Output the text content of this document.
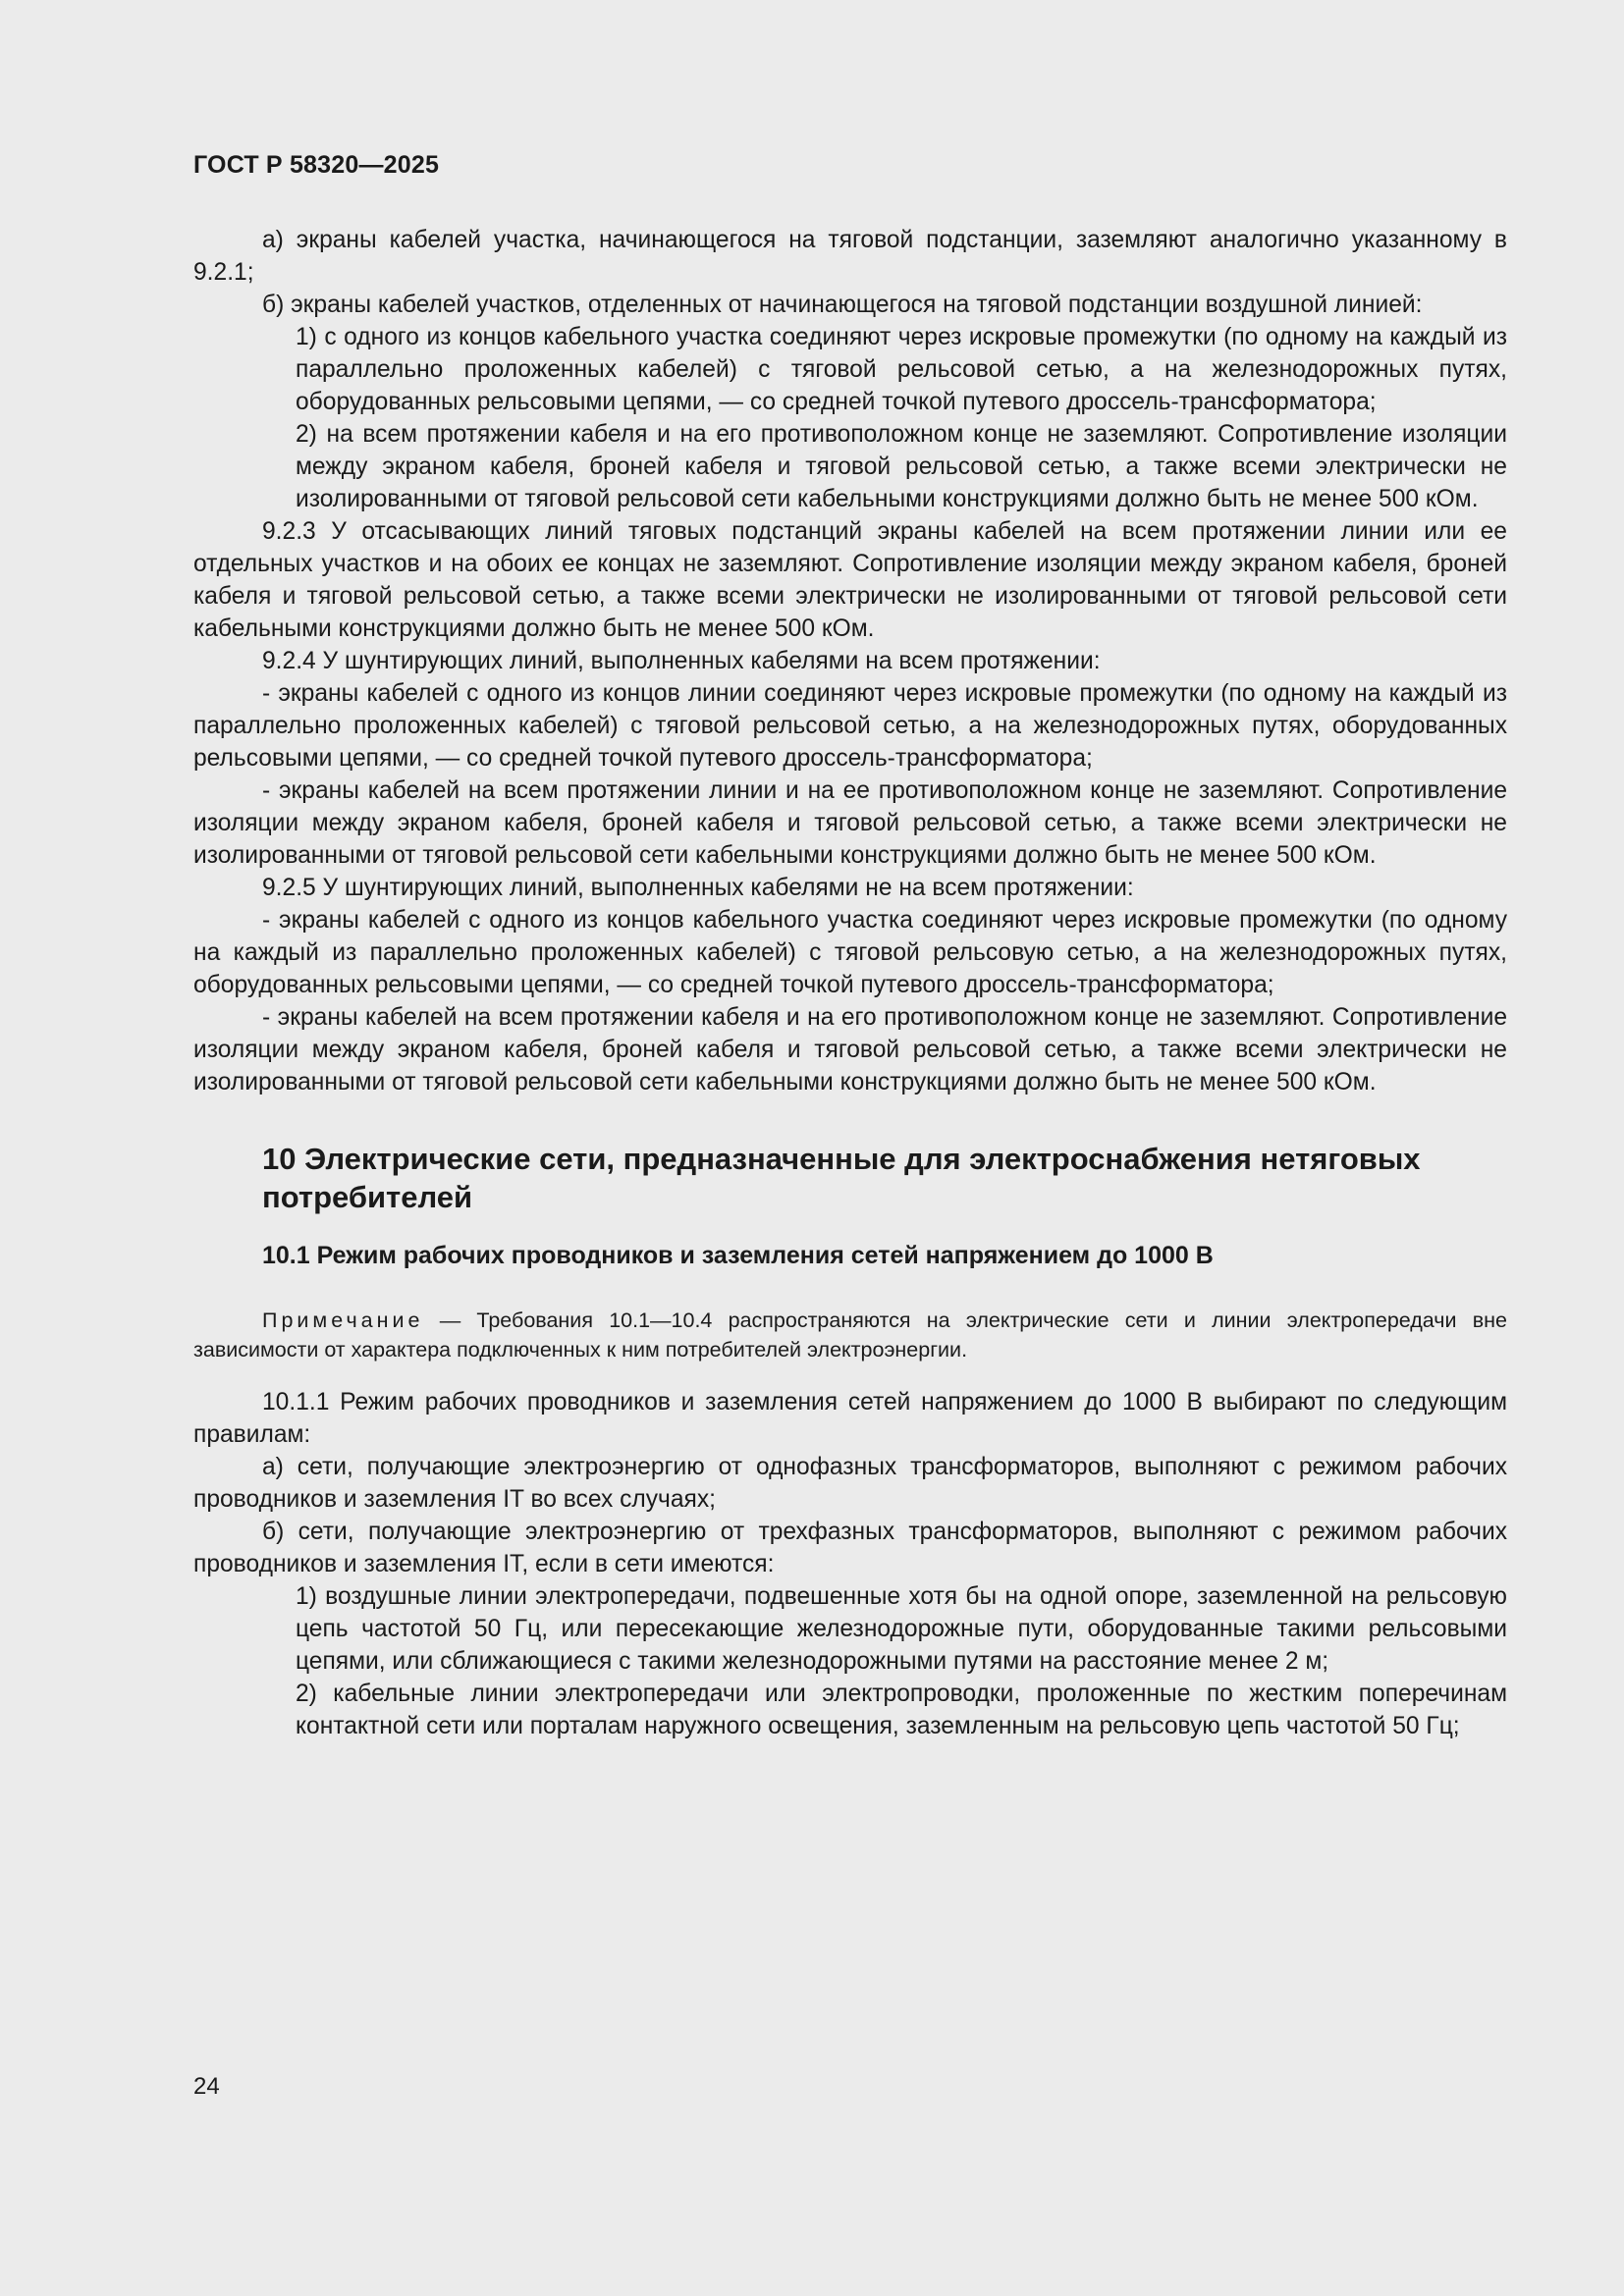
ГОСТ Р 58320—2025

а) экраны кабелей участка, начинающегося на тяговой подстанции, заземляют аналогично указанному в 9.2.1;

б) экраны кабелей участков, отделенных от начинающегося на тяговой подстанции воздушной линией:

1) с одного из концов кабельного участка соединяют через искровые промежутки (по одному на каждый из параллельно проложенных кабелей) с тяговой рельсовой сетью, а на железнодорожных путях, оборудованных рельсовыми цепями, — со средней точкой путевого дроссель-трансформатора;

2) на всем протяжении кабеля и на его противоположном конце не заземляют. Сопротивление изоляции между экраном кабеля, броней кабеля и тяговой рельсовой сетью, а также всеми электрически не изолированными от тяговой рельсовой сети кабельными конструкциями должно быть не менее 500 кОм.

9.2.3 У отсасывающих линий тяговых подстанций экраны кабелей на всем протяжении линии или ее отдельных участков и на обоих ее концах не заземляют. Сопротивление изоляции между экраном кабеля, броней кабеля и тяговой рельсовой сетью, а также всеми электрически не изолированными от тяговой рельсовой сети кабельными конструкциями должно быть не менее 500 кОм.

9.2.4 У шунтирующих линий, выполненных кабелями на всем протяжении:

- экраны кабелей с одного из концов линии соединяют через искровые промежутки (по одному на каждый из параллельно проложенных кабелей) с тяговой рельсовой сетью, а на железнодорожных путях, оборудованных рельсовыми цепями, — со средней точкой путевого дроссель-трансформатора;

- экраны кабелей на всем протяжении линии и на ее противоположном конце не заземляют. Сопротивление изоляции между экраном кабеля, броней кабеля и тяговой рельсовой сетью, а также всеми электрически не изолированными от тяговой рельсовой сети кабельными конструкциями должно быть не менее 500 кОм.

9.2.5 У шунтирующих линий, выполненных кабелями не на всем протяжении:

- экраны кабелей с одного из концов кабельного участка соединяют через искровые промежутки (по одному на каждый из параллельно проложенных кабелей) с тяговой рельсовую сетью, а на железнодорожных путях, оборудованных рельсовыми цепями, — со средней точкой путевого дроссель-трансформатора;

- экраны кабелей на всем протяжении кабеля и на его противоположном конце не заземляют. Сопротивление изоляции между экраном кабеля, броней кабеля и тяговой рельсовой сетью, а также всеми электрически не изолированными от тяговой рельсовой сети кабельными конструкциями должно быть не менее 500 кОм.

10 Электрические сети, предназначенные для электроснабжения нетяговых потребителей

10.1 Режим рабочих проводников и заземления сетей напряжением до 1000 В

Примечание — Требования 10.1—10.4 распространяются на электрические сети и линии электропередачи вне зависимости от характера подключенных к ним потребителей электроэнергии.

10.1.1 Режим рабочих проводников и заземления сетей напряжением до 1000 В выбирают по следующим правилам:

а) сети, получающие электроэнергию от однофазных трансформаторов, выполняют с режимом рабочих проводников и заземления IT во всех случаях;

б) сети, получающие электроэнергию от трехфазных трансформаторов, выполняют с режимом рабочих проводников и заземления IT, если в сети имеются:

1) воздушные линии электропередачи, подвешенные хотя бы на одной опоре, заземленной на рельсовую цепь частотой 50 Гц, или пересекающие железнодорожные пути, оборудованные такими рельсовыми цепями, или сближающиеся с такими железнодорожными путями на расстояние менее 2 м;

2) кабельные линии электропередачи или электропроводки, проложенные по жестким поперечинам контактной сети или порталам наружного освещения, заземленным на рельсовую цепь частотой 50 Гц;

24
